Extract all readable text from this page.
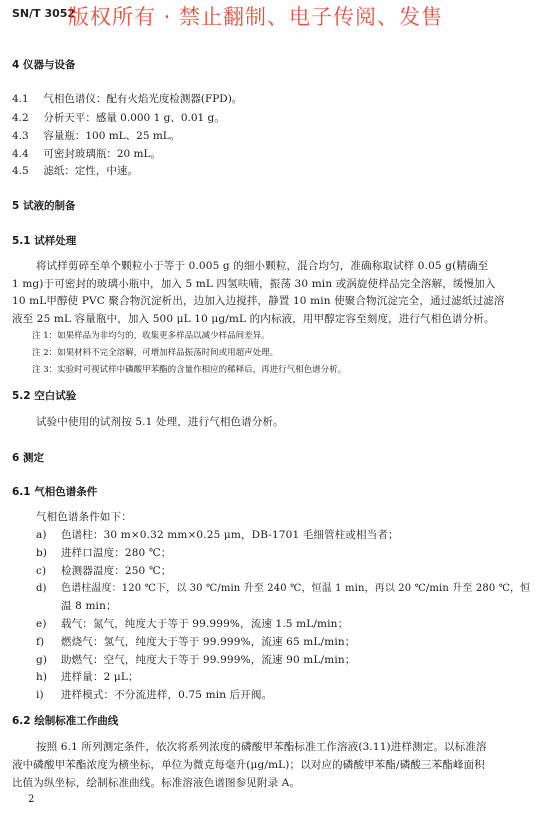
SN/T 3052
版权所有 · 禁止翻制、电子传阅、发售
4 仪器与设备
4.1 气相色谱仪：配有火焰光度检测器(FPD)。
4.2 分析天平：感量 0.000 1 g、0.01 g。
4.3 容量瓶：100 mL、25 mL。
4.4 可密封玻璃瓶：20 mL。
4.5 滤纸：定性，中速。
5 试液的制备
5.1 试样处理
将试样剪碎至单个颗粒小于等于 0.005 g 的细小颗粒，混合均匀，准确称取试样 0.05 g(精确至
1 mg)于可密封的玻璃小瓶中，加入 5 mL 四氢呋喃，振荡 30 min 或涡旋使样品完全溶解，缓慢加入
10 mL甲醇使 PVC 聚合物沉淀析出，边加入边搅拌，静置 10 min 使聚合物沉淀完全，通过滤纸过滤溶
液至 25 mL 容量瓶中，加入 500 μL 10 μg/mL 的内标液，用甲醇定容至刻度，进行气相色谱分析。
注 1：如果样品为非均匀的，收集更多样品以减少样品间差异。
注 2：如果材料不完全溶解，可增加样品振荡时间或用超声处理。
注 3：实验时可视试样中磷酸甲苯酯的含量作相应的稀释后，再进行气相色谱分析。
5.2 空白试验
试验中使用的试剂按 5.1 处理，进行气相色谱分析。
6 测定
6.1 气相色谱条件
气相色谱条件如下：
a) 色谱柱：30 m×0.32 mm×0.25 μm，DB-1701 毛细管柱或相当者；
b) 进样口温度：280 ℃；
c) 检测器温度：250 ℃；
d) 色谱柱温度：120 ℃下，以 30 ℃/min 升至 240 ℃，恒温 1 min，再以 20 ℃/min 升至 280 ℃，恒
温 8 min；
e) 载气：氮气，纯度大于等于 99.999%，流速 1.5 mL/min；
f) 燃烧气：氢气，纯度大于等于 99.999%，流速 65 mL/min；
g) 助燃气：空气，纯度大于等于 99.999%，流速 90 mL/min；
h) 进样量：2 μL；
i) 进样模式：不分流进样，0.75 min 后开阀。
6.2 绘制标准工作曲线
按照 6.1 所列测定条件，依次将系列浓度的磷酸甲苯酯标准工作溶液(3.11)进样测定。以标准溶
液中磷酸甲苯酯浓度为横坐标，单位为微克每毫升(μg/mL)；以对应的磷酸甲苯酯/磷酸三苯酯峰面积
比值为纵坐标，绘制标准曲线。标准溶液色谱图参见附录 A。
2
